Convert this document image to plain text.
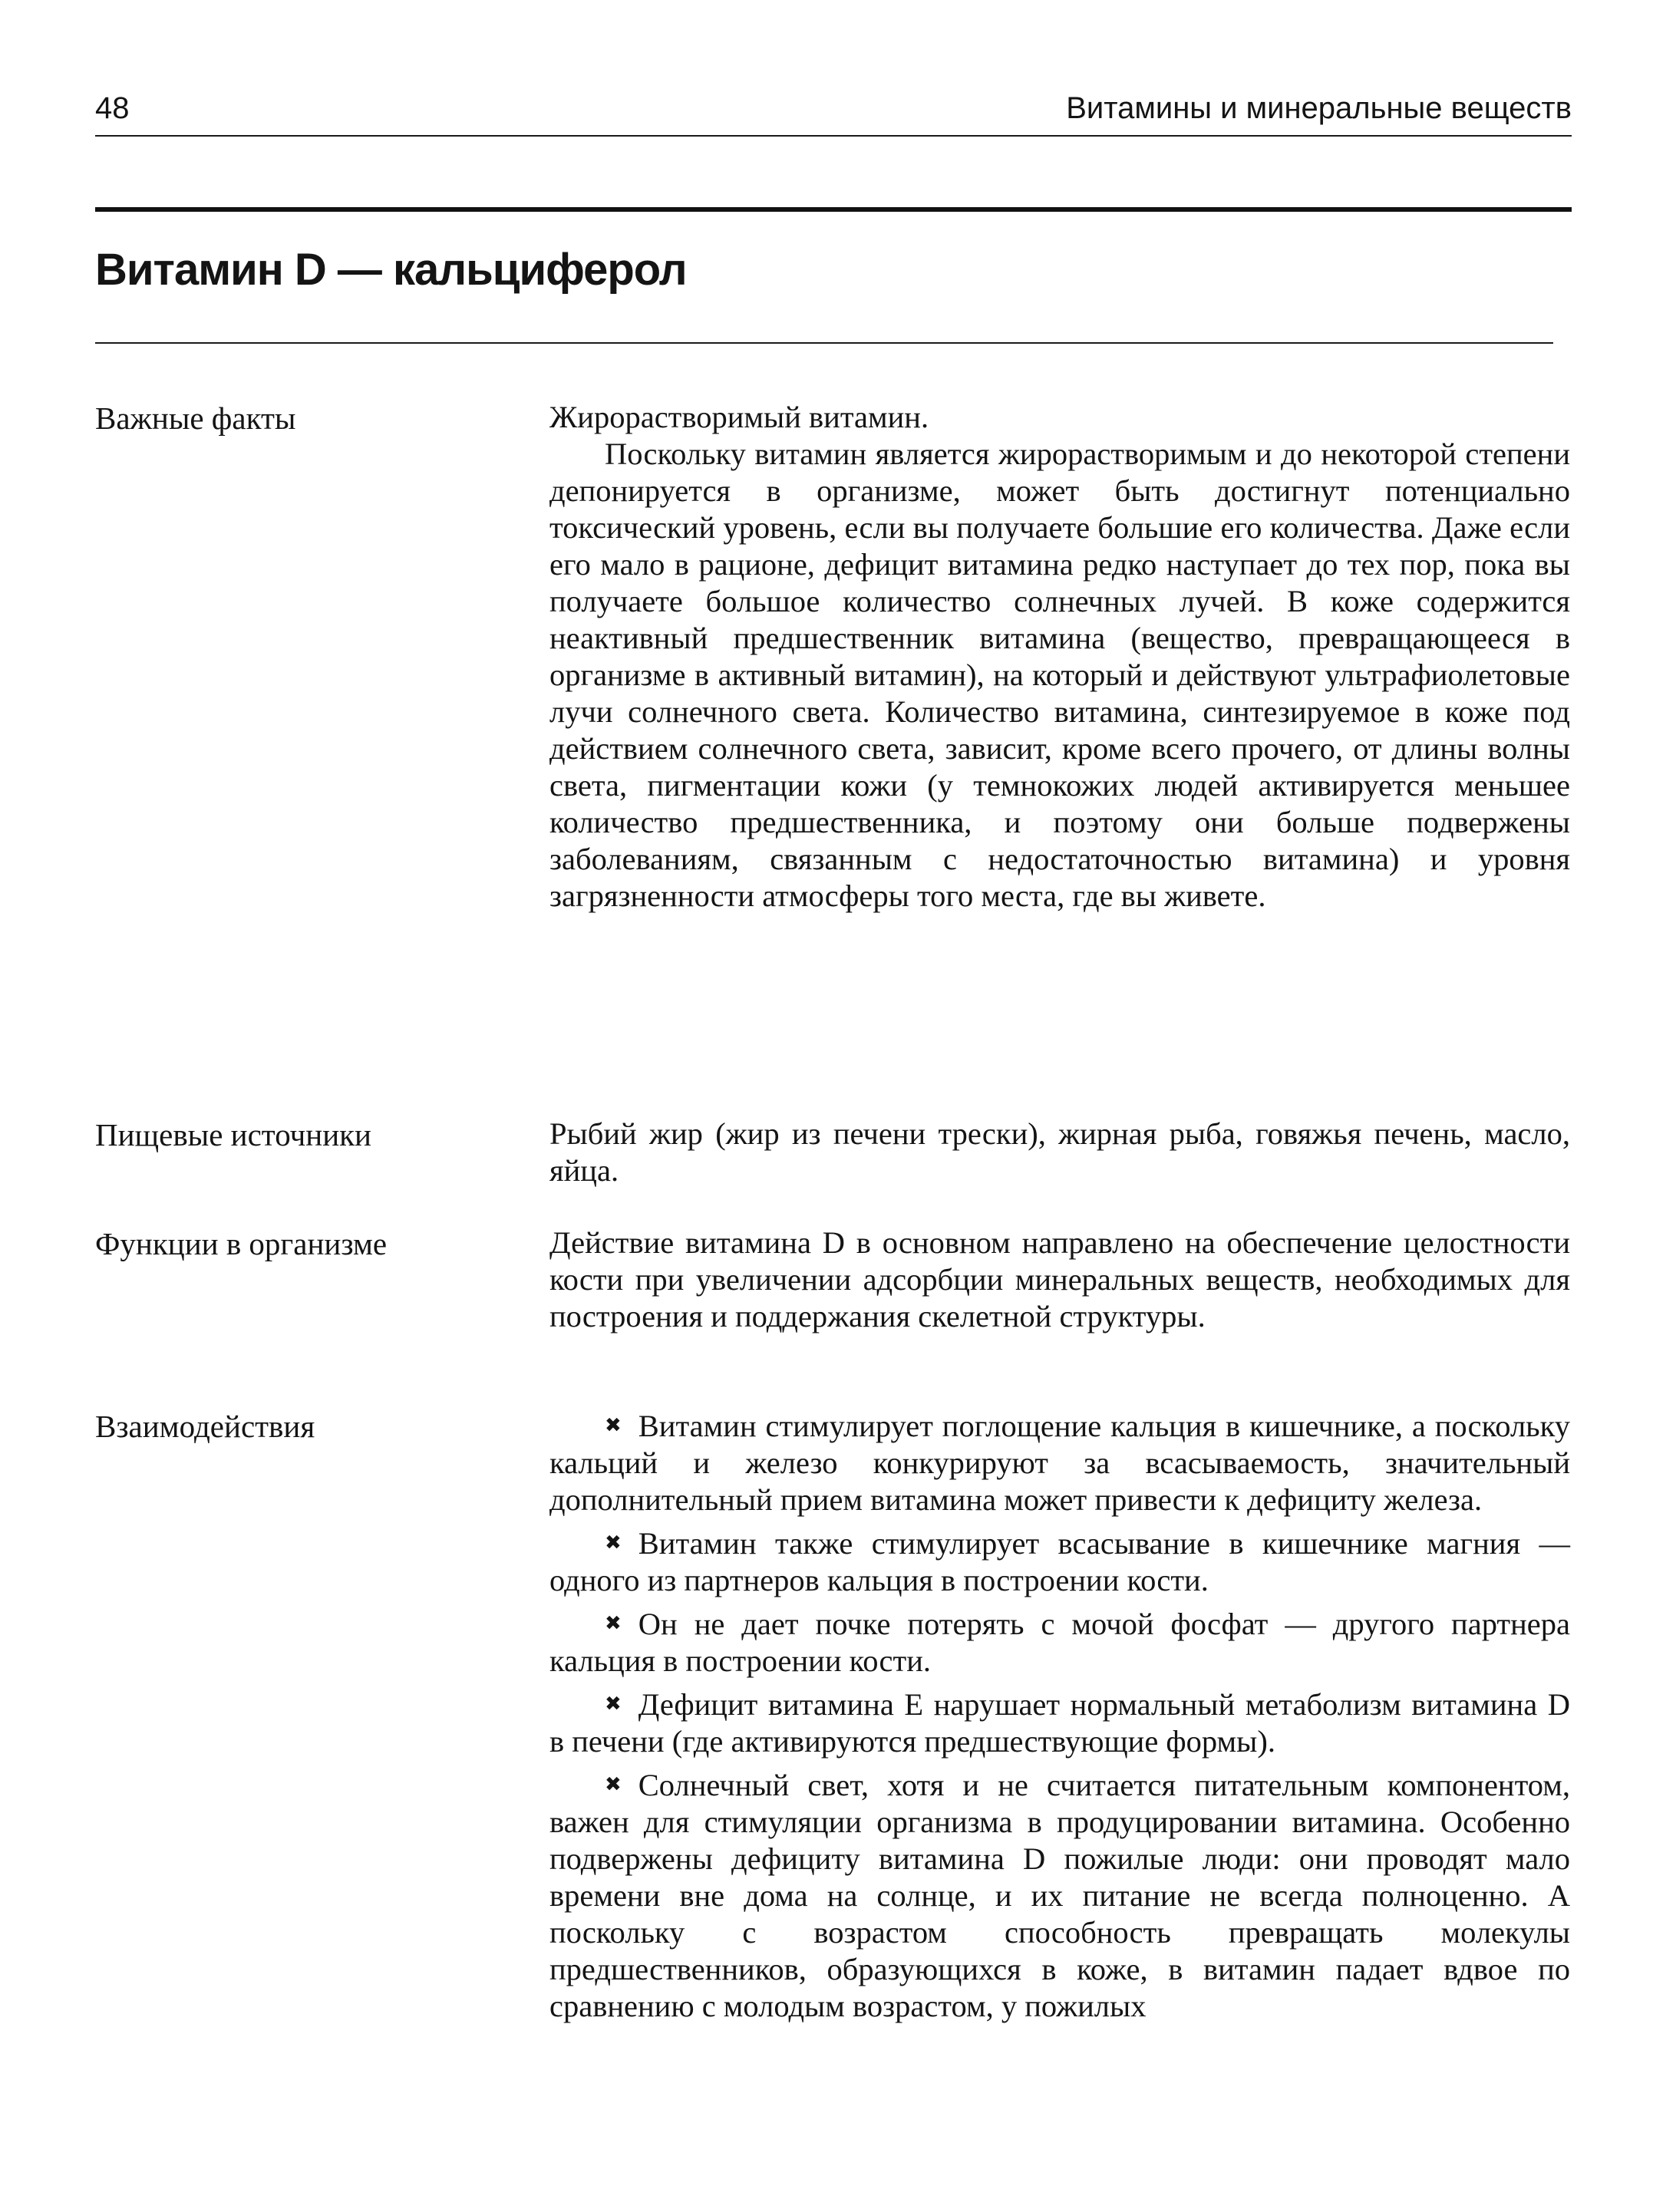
48	Витамины и минеральные веществ
Витамин D — кальциферол
Важные факты	Жирорастворимый витамин.

Поскольку витамин является жирорастворимым и до некоторой степени депонируется в организме, может быть достигнут потенциально токсический уровень, если вы получаете большие его количества. Даже если его мало в рационе, дефицит витамина редко наступает до тех пор, пока вы получаете большое количество солнечных лучей. В коже содержится неактивный предшественник витамина (вещество, превращающееся в организме в активный витамин), на который и действуют ультрафиолетовые лучи солнечного света. Количество витамина, синтезируемое в коже под действием солнечного света, зависит, кроме всего прочего, от длины волны света, пигментации кожи (у темнокожих людей активируется меньшее количество предшественника, и поэтому они больше подвержены заболеваниям, связанным с недостаточностью витамина) и уровня загрязненности атмосферы того места, где вы живете.

Пищевые источники	Рыбий жир (жир из печени трески), жирная рыба, говяжья печень, масло, яйца.

Функции в организме	Действие витамина D в основном направлено на обеспечение целостности кости при увеличении адсорбции минеральных веществ, необходимых для построения и поддержания скелетной структуры.

Взаимодействия	✖ Витамин стимулирует поглощение кальция в кишечнике, а поскольку кальций и железо конкурируют за всасываемость, значительный дополнительный прием витамина может привести к дефициту железа.
✖ Витамин также стимулирует всасывание в кишечнике магния — одного из партнеров кальция в построении кости.
✖ Он не дает почке потерять с мочой фосфат — другого партнера кальция в построении кости.
✖ Дефицит витамина E нарушает нормальный метаболизм витамина D в печени (где активируются предшествующие формы).
✖ Солнечный свет, хотя и не считается питательным компонентом, важен для стимуляции организма в продуцировании витамина. Особенно подвержены дефициту витамина D пожилые люди: они проводят мало времени вне дома на солнце, и их питание не всегда полноценно. А поскольку с возрастом способность превращать молекулы предшественников, образующихся в коже, в витамин падает вдвое по сравнению с молодым возрастом, у пожилых
